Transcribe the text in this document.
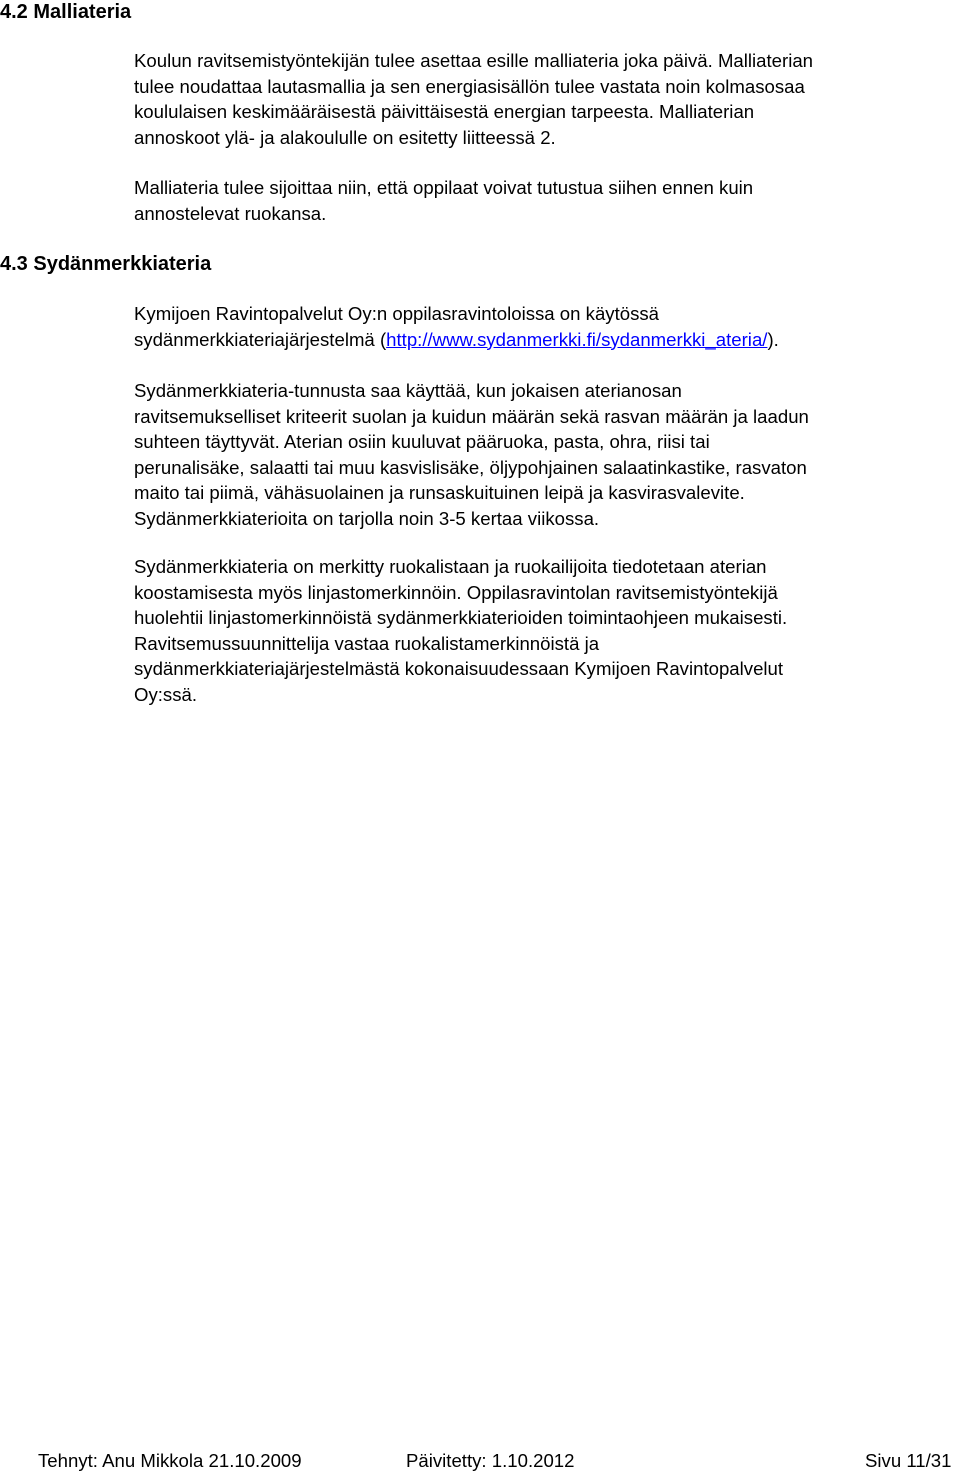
4.2 Malliateria
Koulun ravitsemistyöntekijän tulee asettaa esille malliateria joka päivä. Malliaterian
tulee noudattaa lautasmallia ja sen energiasisällön tulee vastata noin kolmasosaa
koululaisen keskimääräisestä päivittäisestä energian tarpeesta. Malliaterian
annoskoot ylä- ja alakoululle on esitetty liitteessä 2.
Malliateria tulee sijoittaa niin, että oppilaat voivat tutustua siihen ennen kuin
annostelevat ruokansa.
4.3 Sydänmerkkiateria
Kymijoen Ravintopalvelut Oy:n oppilasravintoloissa on käytössä
sydänmerkkiateriajärjestelmä (http://www.sydanmerkki.fi/sydanmerkki_ateria/).
Sydänmerkkiateria-tunnusta saa käyttää, kun jokaisen aterianosan
ravitsemukselliset kriteerit suolan ja kuidun määrän sekä rasvan määrän ja laadun
suhteen täyttyvät. Aterian osiin kuuluvat pääruoka, pasta, ohra, riisi tai
perunalisäke, salaatti tai muu kasvislisäke, öljypohjainen salaatinkastike, rasvaton
maito tai piimä, vähäsuolainen ja runsaskuituinen leipä ja kasvirasvalevite.
Sydänmerkkiaterioita on tarjolla noin 3-5 kertaa viikossa.
Sydänmerkkiateria on merkitty ruokalistaan ja ruokailijoita tiedotetaan aterian
koostamisesta myös linjastomerkinnöin. Oppilasravintolan ravitsemistyöntekijä
huolehtii linjastomerkinnöistä sydänmerkkiaterioiden toimintaohjeen mukaisesti.
Ravitsemussuunnittelija vastaa ruokalistamerkinnöistä ja
sydänmerkkiateriajärjestelmästä kokonaisuudessaan Kymijoen Ravintopalvelut
Oy:ssä.
Tehnyt: Anu Mikkola 21.10.2009	Päivitetty: 1.10.2012	Sivu 11/31
